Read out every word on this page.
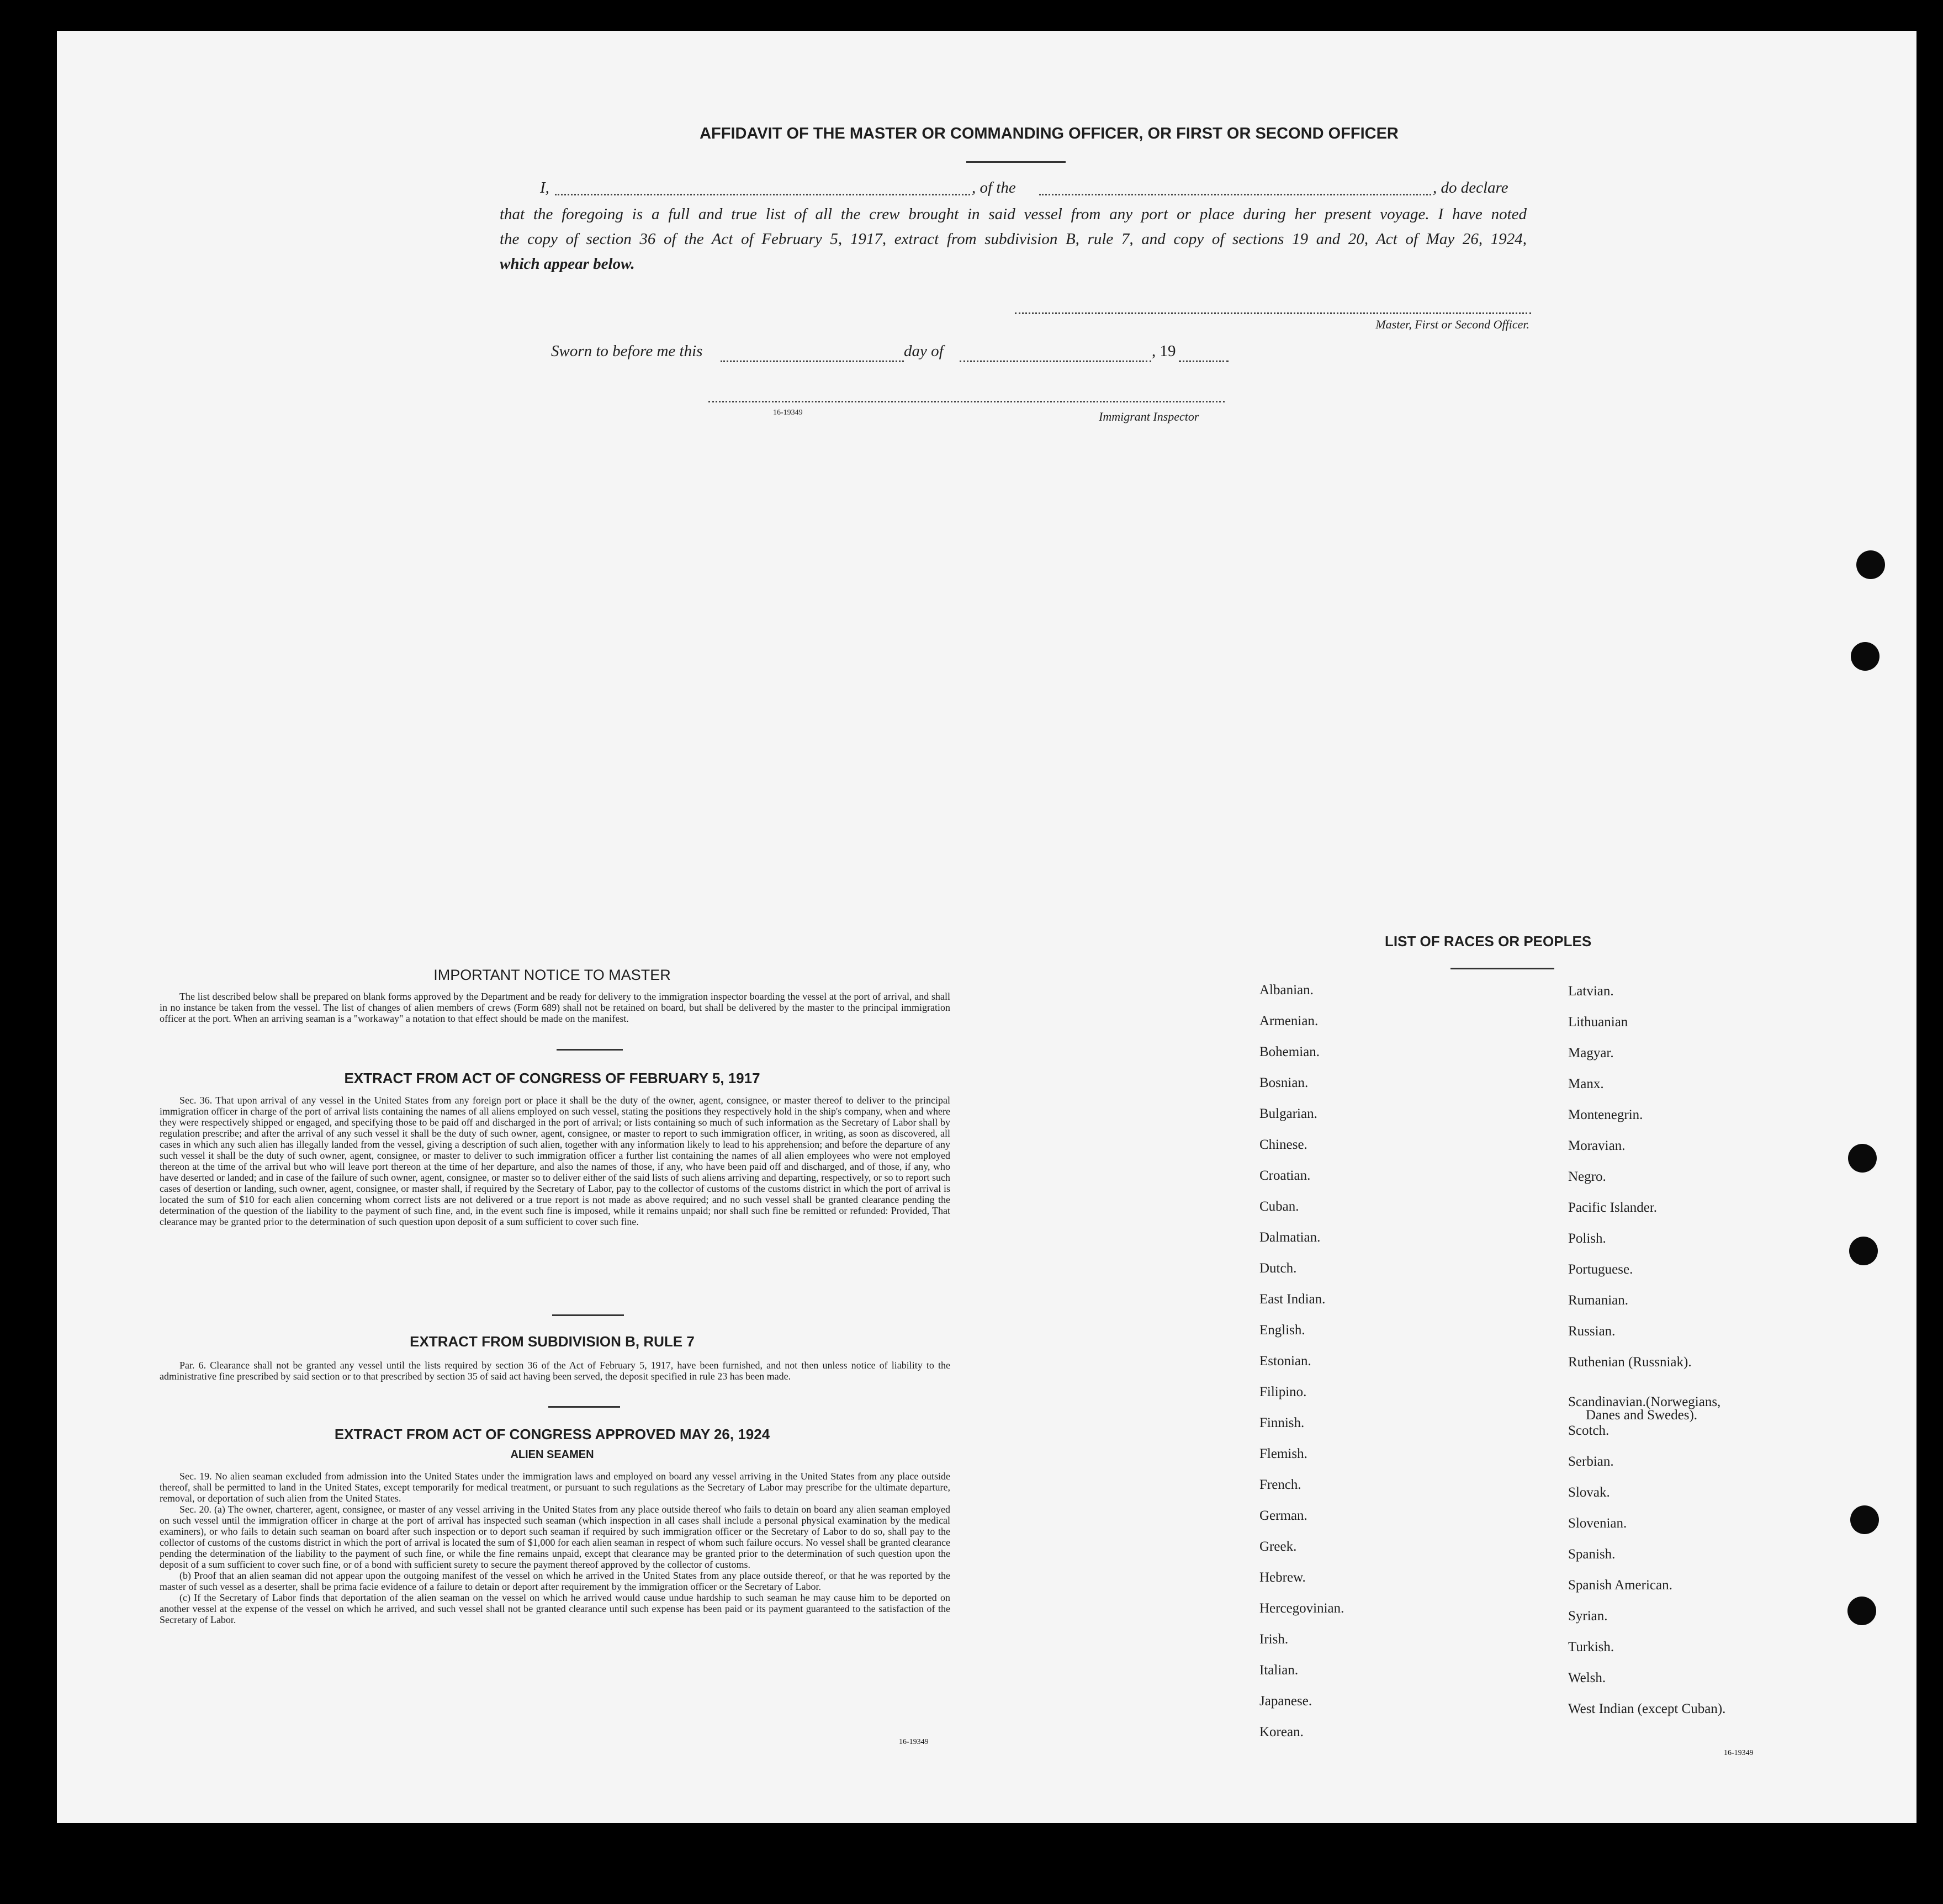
AFFIDAVIT OF THE MASTER OR COMMANDING OFFICER, OR FIRST OR SECOND OFFICER
I,	, of the	, do declare
that the foregoing is a full and true list of all the crew brought in said vessel from any port or place during her present voyage. I have noted
the copy of section 36 of the Act of February 5, 1917, extract from subdivision B, rule 7, and copy of sections 19 and 20, Act of May 26, 1924,
which appear below.
Master, First or Second Officer.
Sworn to before me this	day of	, 19
16-19349	Immigrant Inspector
IMPORTANT NOTICE TO MASTER

The list described below shall be prepared on blank forms approved by the Department and be ready for delivery to the immigration inspector boarding the vessel at the port of arrival, and shall in no instance be taken from the vessel. The list of changes of alien members of crews (Form 689) shall not be retained on board, but shall be delivered by the master to the principal immigration officer at the port. When an arriving seaman is a "workaway" a notation to that effect should be made on the manifest.

EXTRACT FROM ACT OF CONGRESS OF FEBRUARY 5, 1917

Sec. 36. That upon arrival of any vessel in the United States from any foreign port or place it shall be the duty of the owner, agent, consignee, or master thereof to deliver to the principal immigration officer in charge of the port of arrival lists containing the names of all aliens employed on such vessel, stating the positions they respectively hold in the ship's company, when and where they were respectively shipped or engaged, and specifying those to be paid off and discharged in the port of arrival; or lists containing so much of such information as the Secretary of Labor shall by regulation prescribe; and after the arrival of any such vessel it shall be the duty of such owner, agent, consignee, or master to report to such immigration officer, in writing, as soon as discovered, all cases in which any such alien has illegally landed from the vessel, giving a description of such alien, together with any information likely to lead to his apprehension; and before the departure of any such vessel it shall be the duty of such owner, agent, consignee, or master to deliver to such immigration officer a further list containing the names of all alien employees who were not employed thereon at the time of the arrival but who will leave port thereon at the time of her departure, and also the names of those, if any, who have been paid off and discharged, and of those, if any, who have deserted or landed; and in case of the failure of such owner, agent, consignee, or master so to deliver either of the said lists of such aliens arriving and departing, respectively, or so to report such cases of desertion or landing, such owner, agent, consignee, or master shall, if required by the Secretary of Labor, pay to the collector of customs of the customs district in which the port of arrival is located the sum of $10 for each alien concerning whom correct lists are not delivered or a true report is not made as above required; and no such vessel shall be granted clearance pending the determination of the question of the liability to the payment of such fine, and, in the event such fine is imposed, while it remains unpaid; nor shall such fine be remitted or refunded: Provided, That clearance may be granted prior to the determination of such question upon deposit of a sum sufficient to cover such fine.

EXTRACT FROM SUBDIVISION B, RULE 7

Par. 6. Clearance shall not be granted any vessel until the lists required by section 36 of the Act of February 5, 1917, have been furnished, and not then unless notice of liability to the administrative fine prescribed by said section or to that prescribed by section 35 of said act having been served, the deposit specified in rule 23 has been made.

EXTRACT FROM ACT OF CONGRESS APPROVED MAY 26, 1924
ALIEN SEAMEN

Sec. 19. No alien seaman excluded from admission into the United States under the immigration laws and employed on board any vessel arriving in the United States from any place outside thereof, shall be permitted to land in the United States, except temporarily for medical treatment, or pursuant to such regulations as the Secretary of Labor may prescribe for the ultimate departure, removal, or deportation of such alien from the United States.

Sec. 20. (a) The owner, charterer, agent, consignee, or master of any vessel arriving in the United States from any place outside thereof who fails to detain on board any alien seaman employed on such vessel until the immigration officer in charge at the port of arrival has inspected such seaman (which inspection in all cases shall include a personal physical examination by the medical examiners), or who fails to detain such seaman on board after such inspection or to deport such seaman if required by such immigration officer or the Secretary of Labor to do so, shall pay to the collector of customs of the customs district in which the port of arrival is located the sum of $1,000 for each alien seaman in respect of whom such failure occurs. No vessel shall be granted clearance pending the determination of the liability to the payment of such fine, or while the fine remains unpaid, except that clearance may be granted prior to the determination of such question upon the deposit of a sum sufficient to cover such fine, or of a bond with sufficient surety to secure the payment thereof approved by the collector of customs.

(b) Proof that an alien seaman did not appear upon the outgoing manifest of the vessel on which he arrived in the United States from any place outside thereof, or that he was reported by the master of such vessel as a deserter, shall be prima facie evidence of a failure to detain or deport after requirement by the immigration officer or the Secretary of Labor.

(c) If the Secretary of Labor finds that deportation of the alien seaman on the vessel on which he arrived would cause undue hardship to such seaman he may cause him to be deported on another vessel at the expense of the vessel on which he arrived, and such vessel shall not be granted clearance until such expense has been paid or its payment guaranteed to the satisfaction of the Secretary of Labor.

16-19349
LIST OF RACES OR PEOPLES
Albanian.
Armenian.
Bohemian.
Bosnian.
Bulgarian.
Chinese.
Croatian.
Cuban.
Dalmatian.
Dutch.
East Indian.
English.
Estonian.
Filipino.
Finnish.
Flemish.
French.
German.
Greek.
Hebrew.
Hercegovinian.
Irish.
Italian.
Japanese.
Korean.
Latvian.
Lithuanian
Magyar.
Manx.
Montenegrin.
Moravian.
Negro.
Pacific Islander.
Polish.
Portuguese.
Rumanian.
Russian.
Ruthenian (Russniak).
Scandinavian.(Norwegians,
Scotch.
Serbian.
Slovak.
Slovenian.
Spanish.
Spanish American.
Syrian.
Turkish.
Welsh.
West Indian (except Cuban).
Danes and Swedes).
16-19349
